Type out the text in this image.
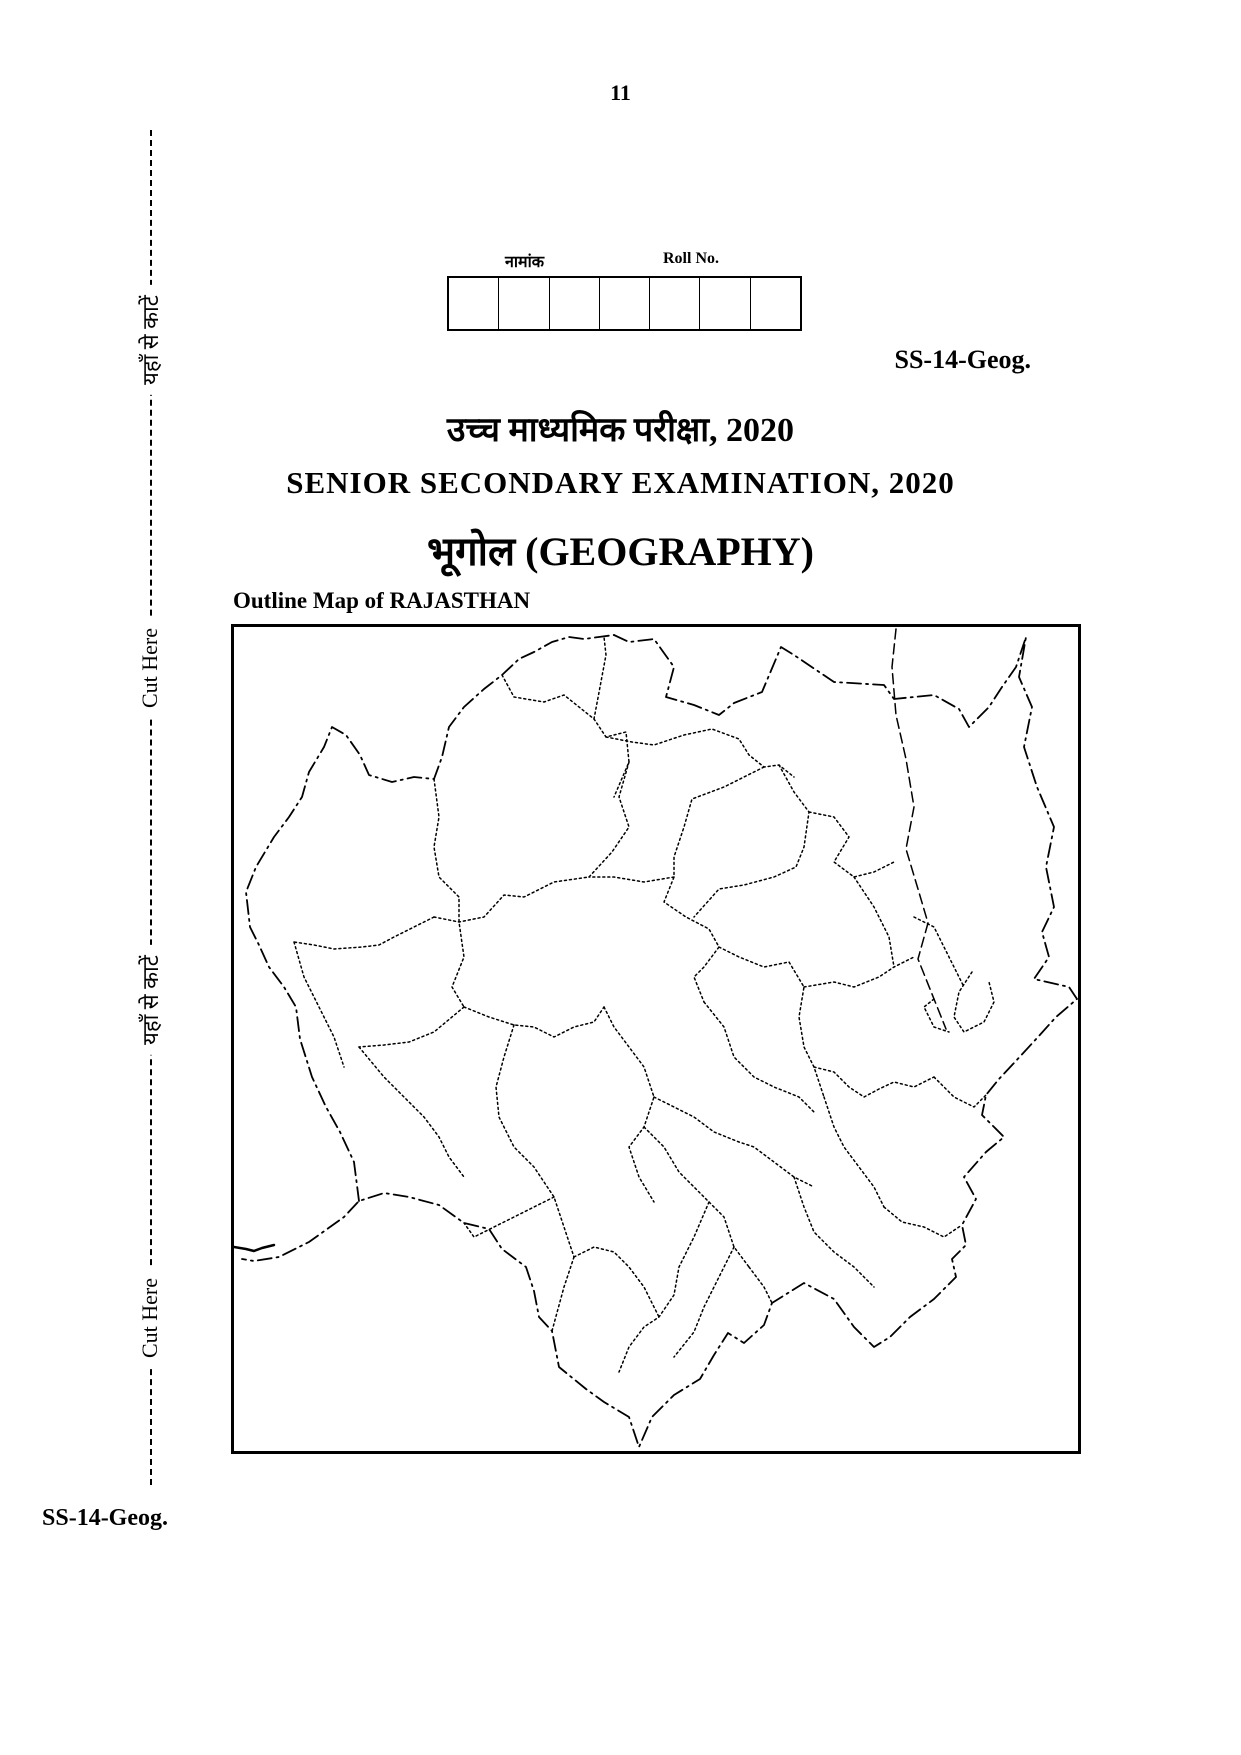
11
यहाँ से काटें
Cut Here
यहाँ से काटें
Cut Here
नामांक	Roll No.
SS-14-Geog.
उच्च माध्यमिक परीक्षा, 2020
SENIOR SECONDARY EXAMINATION, 2020
भूगोल (GEOGRAPHY)
Outline Map of RAJASTHAN
SS-14-Geog.
